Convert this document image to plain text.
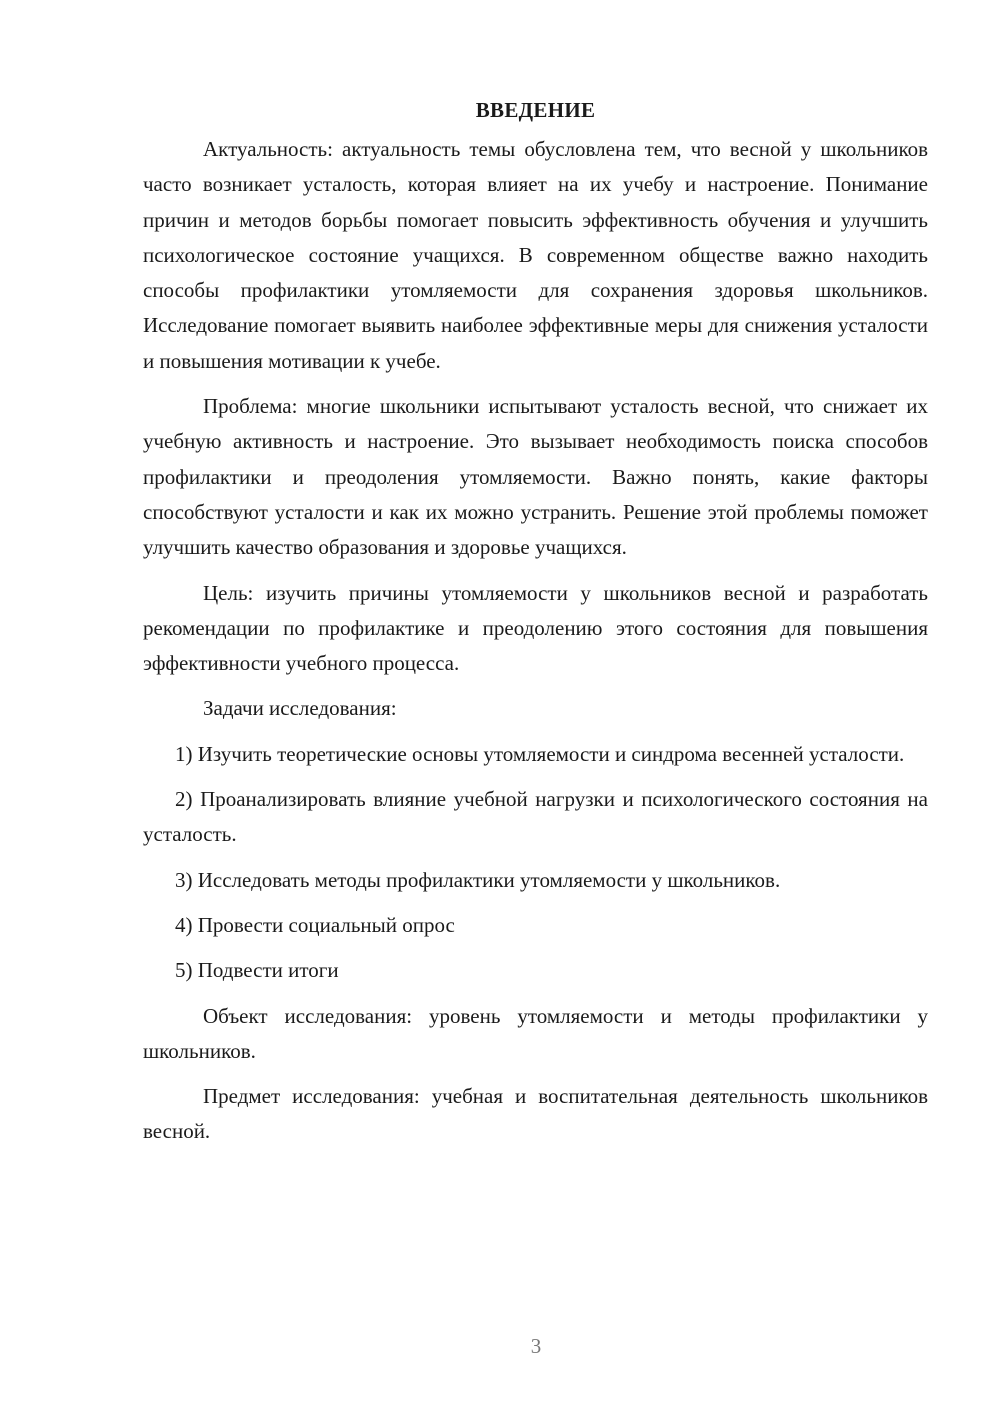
ВВЕДЕНИЕ

Актуальность: актуальность темы обусловлена тем, что весной у школьников часто возникает усталость, которая влияет на их учебу и настроение. Понимание причин и методов борьбы помогает повысить эффективность обучения и улучшить психологическое состояние учащихся. В современном обществе важно находить способы профилактики утомляемости для сохранения здоровья школьников. Исследование помогает выявить наиболее эффективные меры для снижения усталости и повышения мотивации к учебе.

Проблема: многие школьники испытывают усталость весной, что снижает их учебную активность и настроение. Это вызывает необходимость поиска способов профилактики и преодоления утомляемости. Важно понять, какие факторы способствуют усталости и как их можно устранить. Решение этой проблемы поможет улучшить качество образования и здоровье учащихся.

Цель: изучить причины утомляемости у школьников весной и разработать рекомендации по профилактике и преодолению этого состояния для повышения эффективности учебного процесса.

Задачи исследования:

1) Изучить теоретические основы утомляемости и синдрома весенней усталости.

2) Проанализировать влияние учебной нагрузки и психологического состояния на усталость.

3) Исследовать методы профилактики утомляемости у школьников.

4) Провести социальный опрос

5) Подвести итоги

Объект исследования: уровень утомляемости и методы профилактики у школьников.

Предмет исследования: учебная и воспитательная деятельность школьников весной.

3
